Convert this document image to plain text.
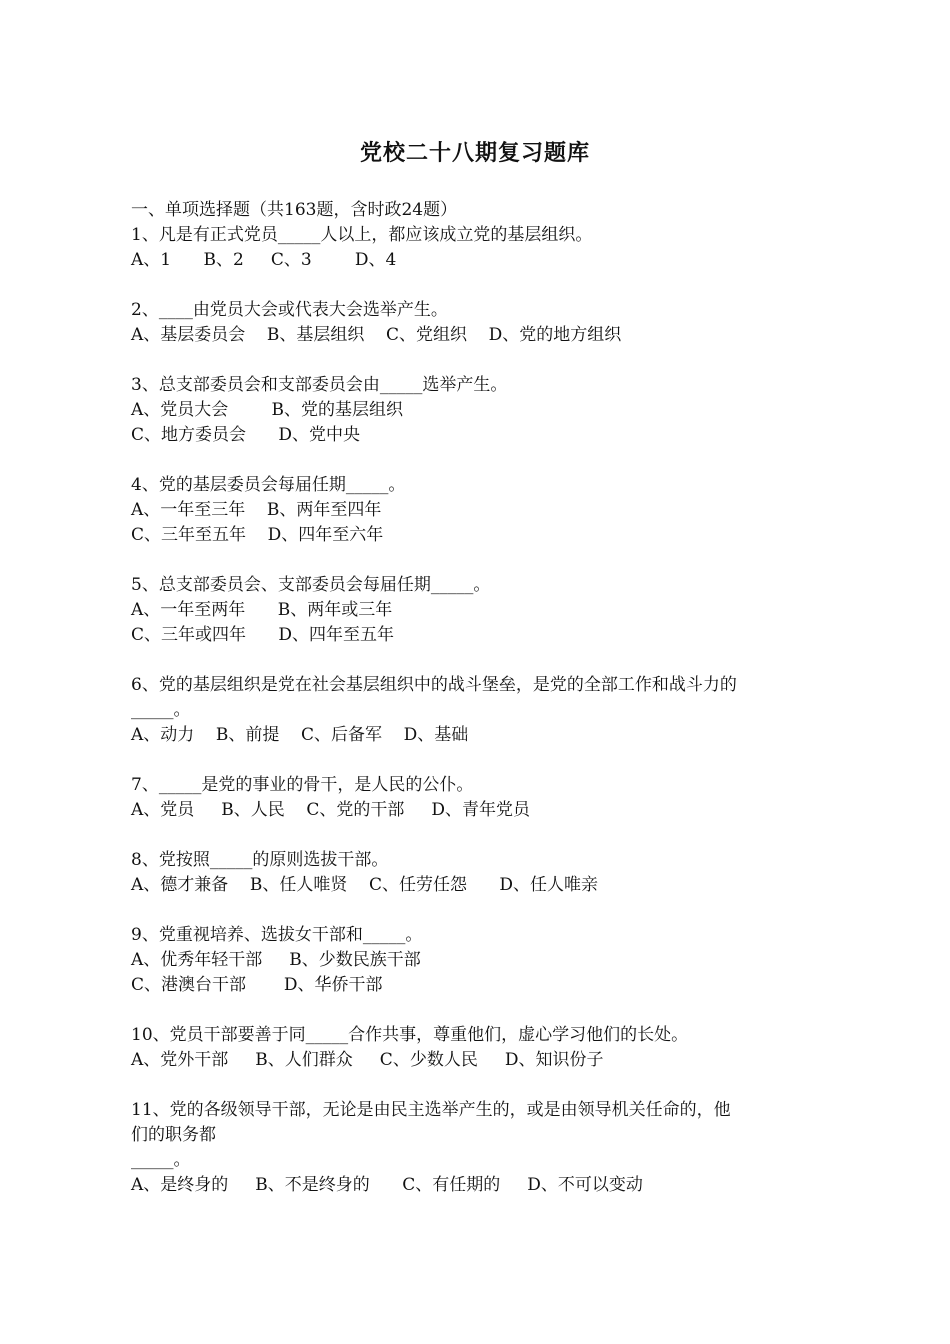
党校二十八期复习题库
一、单项选择题（共163题，含时政24题）
1、凡是有正式党员_____人以上，都应该成立党的基层组织。
A、1      B、2     C、3        D、4
2、____由党员大会或代表大会选举产生。
A、基层委员会    B、基层组织    C、党组织    D、党的地方组织
3、总支部委员会和支部委员会由_____选举产生。
A、党员大会        B、党的基层组织
C、地方委员会      D、党中央
4、党的基层委员会每届任期_____。
A、一年至三年    B、两年至四年
C、三年至五年    D、四年至六年
5、总支部委员会、支部委员会每届任期_____。
A、一年至两年      B、两年或三年
C、三年或四年      D、四年至五年
6、党的基层组织是党在社会基层组织中的战斗堡垒，是党的全部工作和战斗力的
_____。
A、动力    B、前提    C、后备军    D、基础
7、_____是党的事业的骨干，是人民的公仆。
A、党员     B、人民    C、党的干部     D、青年党员
8、党按照_____的原则选拔干部。
A、德才兼备    B、任人唯贤    C、任劳任怨      D、任人唯亲
9、党重视培养、选拔女干部和_____。
A、优秀年轻干部     B、少数民族干部
C、港澳台干部       D、华侨干部
10、党员干部要善于同_____合作共事，尊重他们，虚心学习他们的长处。
A、党外干部     B、人们群众     C、少数人民     D、知识份子
11、党的各级领导干部，无论是由民主选举产生的，或是由领导机关任命的，他
们的职务都
_____。
A、是终身的     B、不是终身的      C、有任期的     D、不可以变动
